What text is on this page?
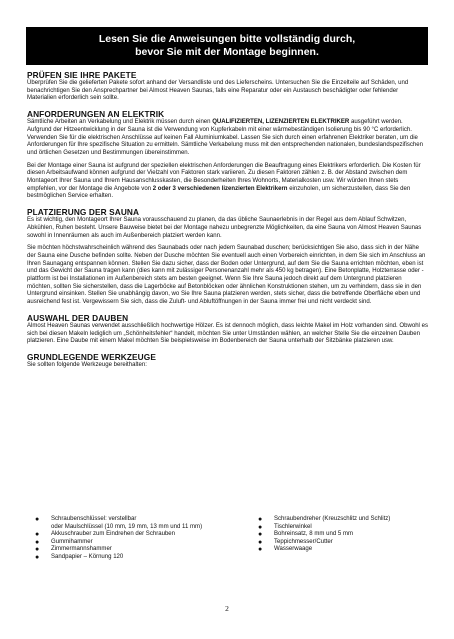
Lesen Sie die Anweisungen bitte vollständig durch,
bevor Sie mit der Montage beginnen.
PRÜFEN SIE IHRE PAKETE

Überprüfen Sie die gelieferten Pakete sofort anhand der Versandliste und des Lieferscheins. Untersuchen Sie die Einzelteile auf Schäden, und benachrichtigen Sie den Ansprechpartner bei Almost Heaven Saunas, falls eine Reparatur oder ein Austausch beschädigter oder fehlender Materialien erforderlich sein sollte.

ANFORDERUNGEN AN ELEKTRIK

Sämtliche Arbeiten an Verkabelung und Elektrik müssen durch einen QUALIFIZIERTEN, LIZENZIERTEN ELEKTRIKER ausgeführt werden. Aufgrund der Hitzeentwicklung in der Sauna ist die Verwendung von Kupferkabeln mit einer wärmebeständigen Isolierung bis 90 °C erforderlich. Verwenden Sie für die elektrischen Anschlüsse auf keinen Fall Aluminiumkabel. Lassen Sie sich durch einen erfahrenen Elektriker beraten, um die Anforderungen für Ihre spezifische Situation zu ermitteln. Sämtliche Verkabelung muss mit den entsprechenden nationalen, bundeslandspezifischen und örtlichen Gesetzen und Bestimmungen übereinstimmen.

Bei der Montage einer Sauna ist aufgrund der speziellen elektrischen Anforderungen die Beauftragung eines Elektrikers erforderlich. Die Kosten für diesen Arbeitsaufwand können aufgrund der Vielzahl von Faktoren stark variieren. Zu diesen Faktoren zählen z. B. der Abstand zwischen dem Montageort Ihrer Sauna und Ihrem Hausanschlusskasten, die Besonderheiten Ihres Wohnorts, Materialkosten usw. Wir würden Ihnen stets empfehlen, vor der Montage die Angebote von 2 oder 3 verschiedenen lizenzierten Elektrikern einzuholen, um sicherzustellen, dass Sie den bestmöglichen Service erhalten.

PLATZIERUNG DER SAUNA

Es ist wichtig, den Montageort Ihrer Sauna vorausschauend zu planen, da das übliche Saunaerlebnis in der Regel aus dem Ablauf Schwitzen, Abkühlen, Ruhen besteht. Unsere Bauweise bietet bei der Montage nahezu unbegrenzte Möglichkeiten, da eine Sauna von Almost Heaven Saunas sowohl in Innenräumen als auch im Außenbereich platziert werden kann.

Sie möchten höchstwahrscheinlich während des Saunabads oder nach jedem Saunabad duschen; berücksichtigen Sie also, dass sich in der Nähe der Sauna eine Dusche befinden sollte. Neben der Dusche möchten Sie eventuell auch einen Vorbereich einrichten, in dem Sie sich im Anschluss an Ihren Saunagang entspannen können. Stellen Sie dazu sicher, dass der Boden oder Untergrund, auf dem Sie die Sauna errichten möchten, eben ist und das Gewicht der Sauna tragen kann (dies kann mit zulässiger Personenanzahl mehr als 450 kg betragen). Eine Betonplatte, Holzterrasse oder -plattform ist bei Installationen im Außenbereich stets am besten geeignet. Wenn Sie Ihre Sauna jedoch direkt auf dem Untergrund platzieren möchten, sollten Sie sicherstellen, dass die Lagerböcke auf Betonblöcken oder ähnlichen Konstruktionen stehen, um zu verhindern, dass sie in den Untergrund einsinken. Stellen Sie unabhängig davon, wo Sie Ihre Sauna platzieren werden, stets sicher, dass die betreffende Oberfläche eben und ausreichend fest ist. Vergewissern Sie sich, dass die Zuluft- und Abluftöffnungen in der Sauna immer frei und nicht verdeckt sind.

AUSWAHL DER DAUBEN

Almost Heaven Saunas verwendet ausschließlich hochwertige Hölzer. Es ist dennoch möglich, dass leichte Makel im Holz vorhanden sind. Obwohl es sich bei diesen Makeln lediglich um „Schönheitsfehler“ handelt, möchten Sie unter Umständen wählen, an welcher Stelle Sie die einzelnen Dauben platzieren. Eine Daube mit einem Makel möchten Sie beispielsweise im Bodenbereich der Sauna unterhalb der Sitzbänke platzieren usw.

GRUNDLEGENDE WERKZEUGE

Sie sollten folgende Werkzeuge bereithalten:

● Schraubenschlüssel: verstellbar
oder Maulschlüssel (10 mm, 19 mm, 13 mm und 11 mm)
● Akkuschrauber zum Eindrehen der Schrauben
● Gummihammer
● Zimmermannshammer
● Sandpapier – Körnung 120
● Schraubendreher (Kreuzschlitz und Schlitz)
● Tischlerwinkel
● Bohreinsatz, 8 mm und 5 mm
● Teppichmesser/Cutter
● Wasserwaage
2
